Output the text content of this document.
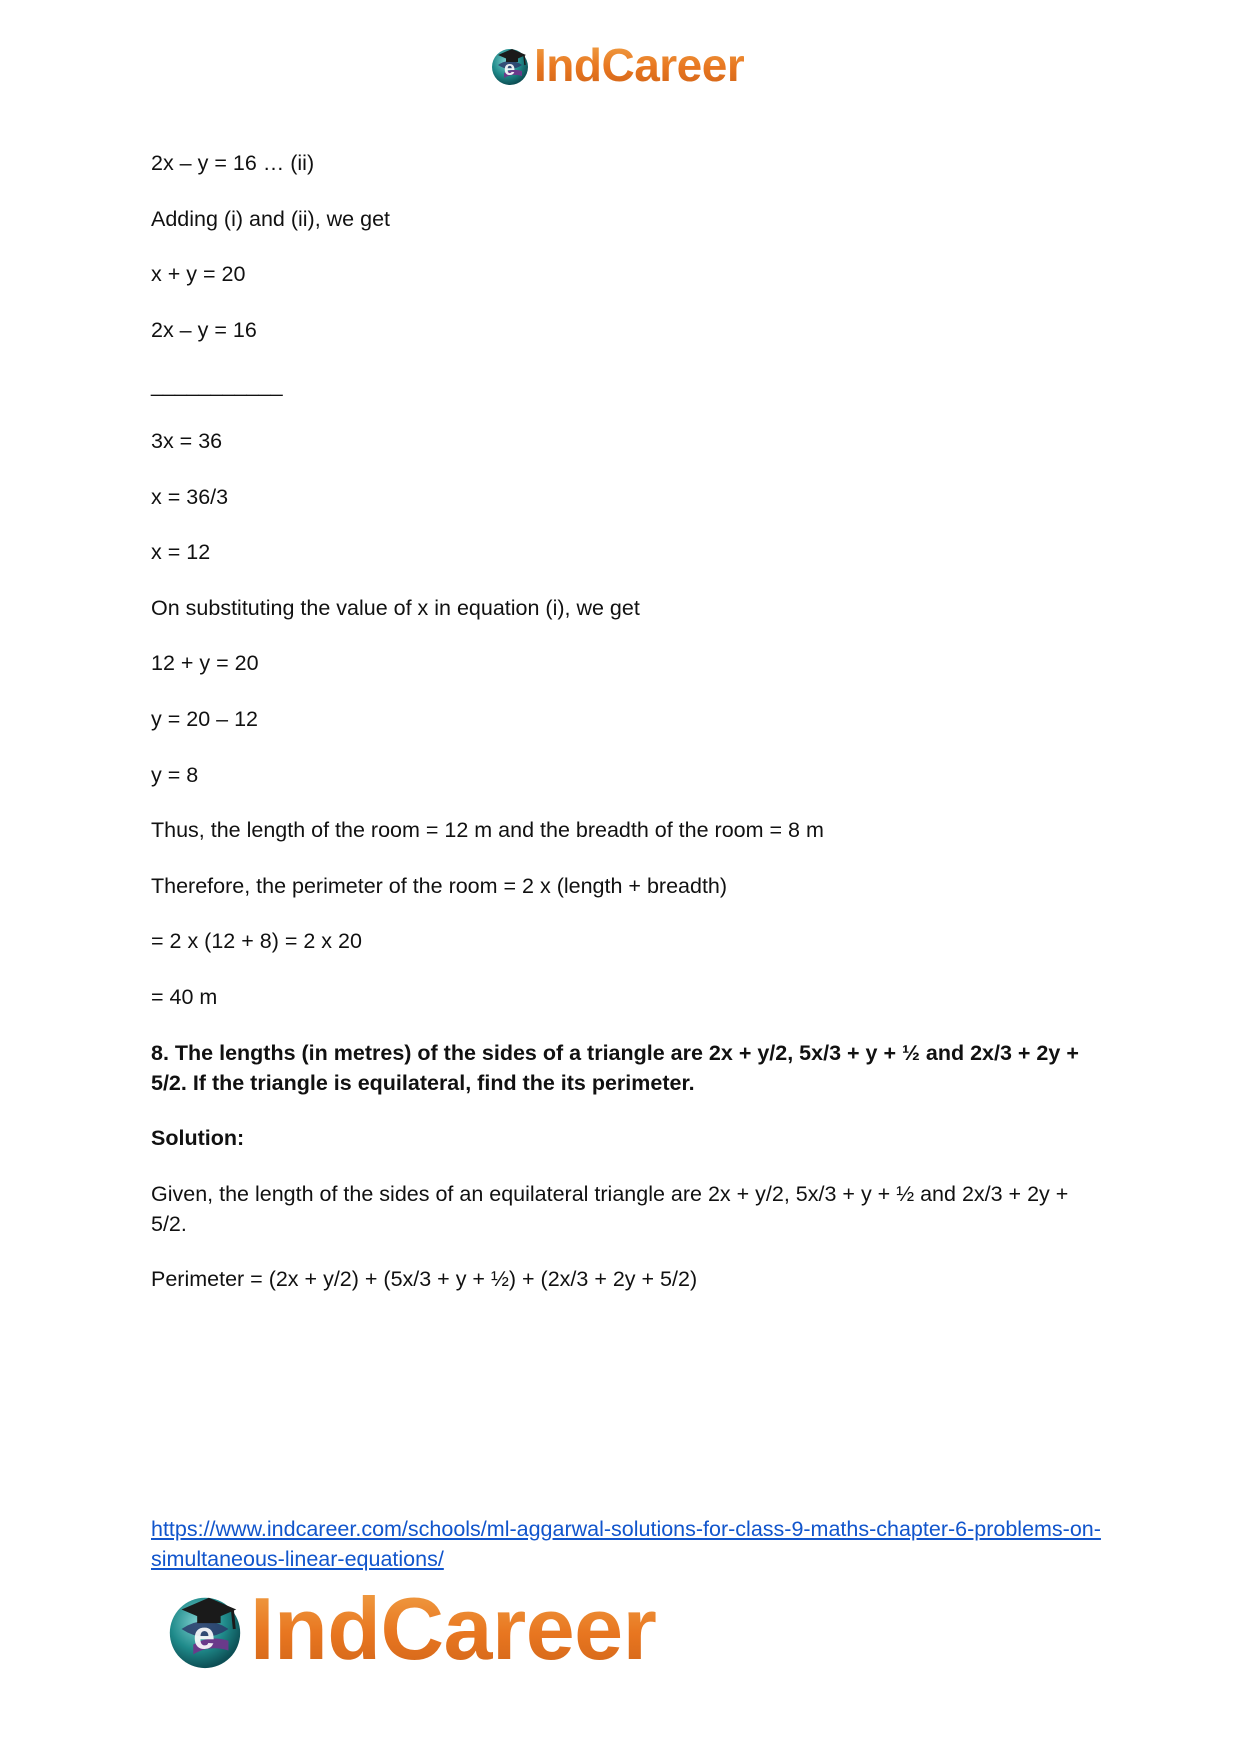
e IndCareer

2x – y = 16 … (ii)

Adding (i) and (ii), we get

x + y = 20

2x – y = 16

___________

3x = 36

x = 36/3

x = 12

On substituting the value of x in equation (i), we get

12 + y = 20

y = 20 – 12

y = 8

Thus, the length of the room = 12 m and the breadth of the room = 8 m

Therefore, the perimeter of the room = 2 x (length + breadth)

= 2 x (12 + 8) = 2 x 20

= 40 m

8. The lengths (in metres) of the sides of a triangle are 2x + y/2, 5x/3 + y + ½ and 2x/3 + 2y + 5/2. If the triangle is equilateral, find the its perimeter.

Solution:

Given, the length of the sides of an equilateral triangle are 2x + y/2, 5x/3 + y + ½ and 2x/3 + 2y + 5/2.

Perimeter = (2x + y/2) + (5x/3 + y + ½) + (2x/3 + 2y + 5/2)

https://www.indcareer.com/schools/ml-aggarwal-solutions-for-class-9-maths-chapter-6-problems-on-simultaneous-linear-equations/
e IndCareer
